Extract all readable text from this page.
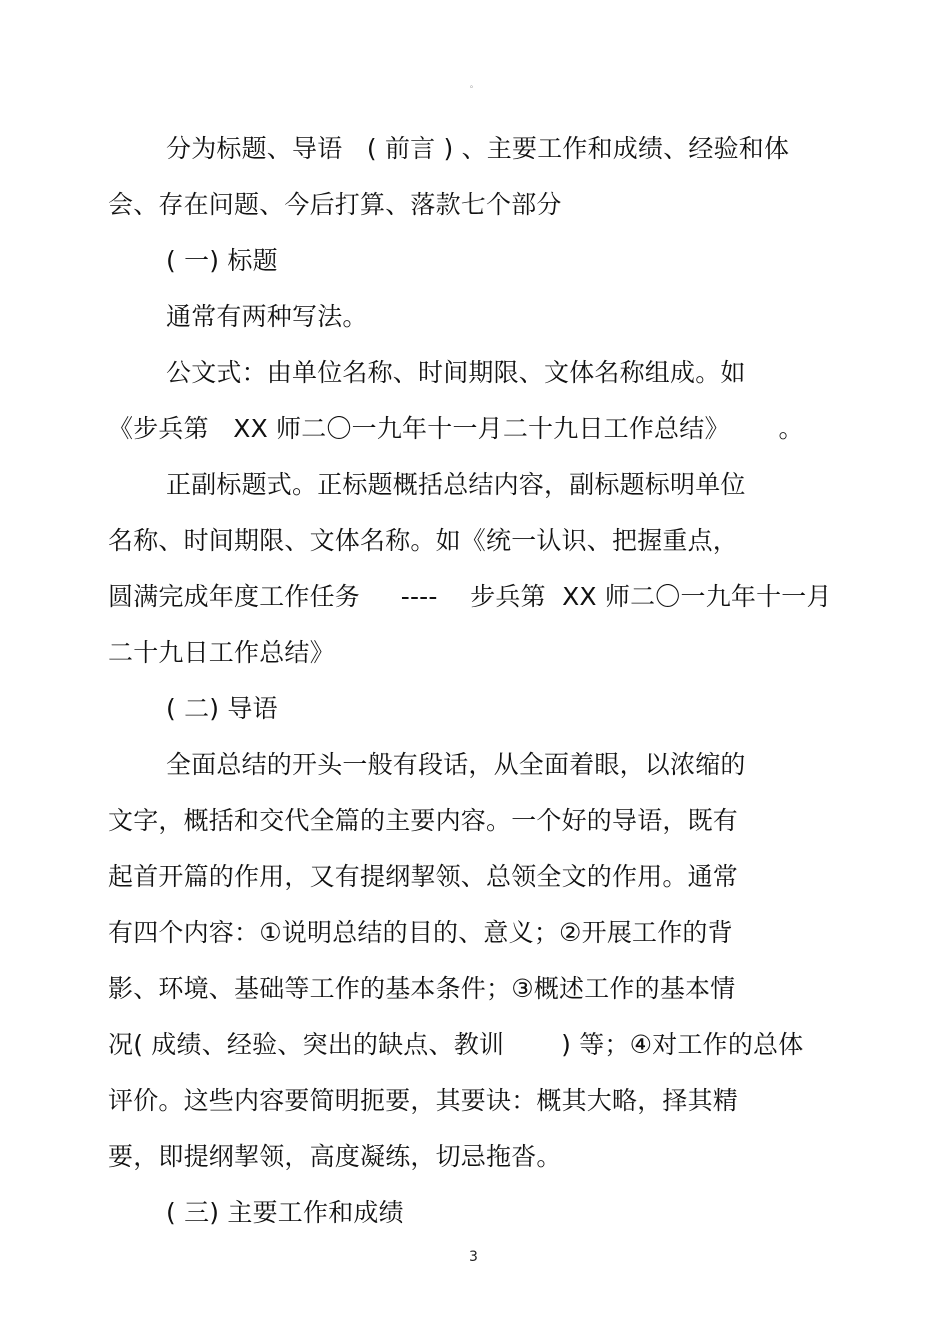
。
分为标题、导语   ( 前言 ) 、主要工作和成绩、经验和体
会、存在问题、今后打算、落款七个部分
( 一) 标题
通常有两种写法。
公文式：由单位名称、时间期限、文体名称组成。如
《步兵第   XX 师二〇一九年十一月二十九日工作总结》      。
正副标题式。正标题概括总结内容，副标题标明单位
名称、时间期限、文体名称。如《统一认识、把握重点，
圆满完成年度工作任务     ----    步兵第  XX 师二〇一九年十一月
二十九日工作总结》
( 二) 导语
全面总结的开头一般有段话，从全面着眼，以浓缩的
文字，概括和交代全篇的主要内容。一个好的导语，既有
起首开篇的作用，又有提纲挈领、总领全文的作用。通常
有四个内容：①说明总结的目的、意义；②开展工作的背
影、环境、基础等工作的基本条件；③概述工作的基本情
况( 成绩、经验、突出的缺点、教训       ) 等；④对工作的总体
评价。这些内容要简明扼要，其要诀：概其大略，择其精
要，即提纲挈领，高度凝练，切忌拖沓。
( 三) 主要工作和成绩
3
